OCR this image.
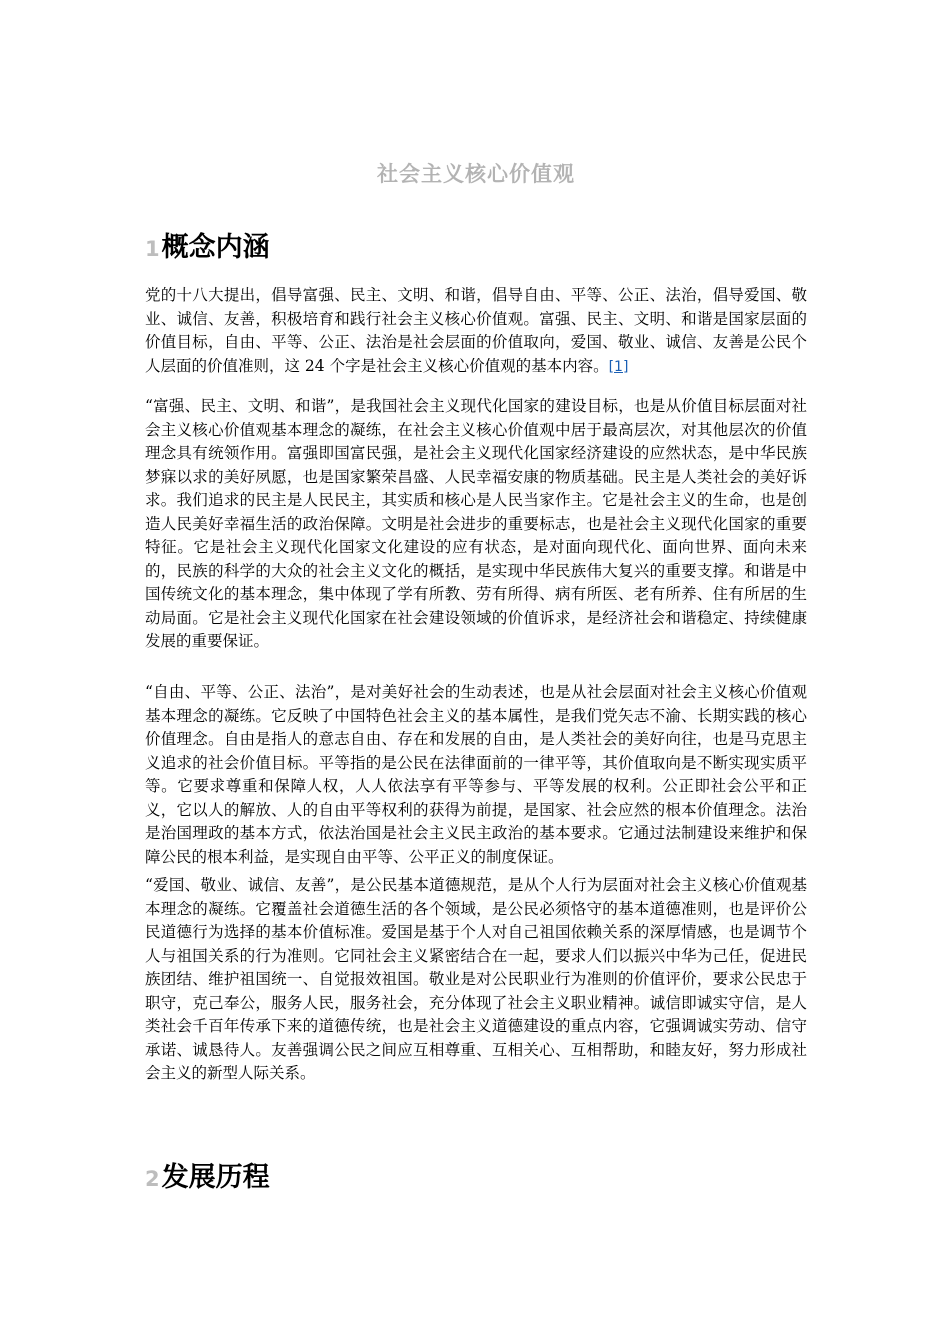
社会主义核心价值观
1概念内涵

党的十八大提出，倡导富强、民主、文明、和谐，倡导自由、平等、公正、法治，倡导爱国、敬业、诚信、友善，积极培育和践行社会主义核心价值观。富强、民主、文明、和谐是国家层面的价值目标，自由、平等、公正、法治是社会层面的价值取向，爱国、敬业、诚信、友善是公民个人层面的价值准则，这 24 个字是社会主义核心价值观的基本内容。[1]

“富强、民主、文明、和谐”，是我国社会主义现代化国家的建设目标，也是从价值目标层面对社会主义核心价值观基本理念的凝练，在社会主义核心价值观中居于最高层次，对其他层次的价值理念具有统领作用。富强即国富民强，是社会主义现代化国家经济建设的应然状态，是中华民族梦寐以求的美好夙愿，也是国家繁荣昌盛、人民幸福安康的物质基础。民主是人类社会的美好诉求。我们追求的民主是人民民主，其实质和核心是人民当家作主。它是社会主义的生命，也是创造人民美好幸福生活的政治保障。文明是社会进步的重要标志，也是社会主义现代化国家的重要特征。它是社会主义现代化国家文化建设的应有状态，是对面向现代化、面向世界、面向未来的，民族的科学的大众的社会主义文化的概括，是实现中华民族伟大复兴的重要支撑。和谐是中国传统文化的基本理念，集中体现了学有所教、劳有所得、病有所医、老有所养、住有所居的生动局面。它是社会主义现代化国家在社会建设领域的价值诉求，是经济社会和谐稳定、持续健康发展的重要保证。

“自由、平等、公正、法治”，是对美好社会的生动表述，也是从社会层面对社会主义核心价值观基本理念的凝练。它反映了中国特色社会主义的基本属性，是我们党矢志不渝、长期实践的核心价值理念。自由是指人的意志自由、存在和发展的自由，是人类社会的美好向往，也是马克思主义追求的社会价值目标。平等指的是公民在法律面前的一律平等，其价值取向是不断实现实质平等。它要求尊重和保障人权，人人依法享有平等参与、平等发展的权利。公正即社会公平和正义，它以人的解放、人的自由平等权利的获得为前提，是国家、社会应然的根本价值理念。法治是治国理政的基本方式，依法治国是社会主义民主政治的基本要求。它通过法制建设来维护和保障公民的根本利益，是实现自由平等、公平正义的制度保证。

“爱国、敬业、诚信、友善”，是公民基本道德规范，是从个人行为层面对社会主义核心价值观基本理念的凝练。它覆盖社会道德生活的各个领域，是公民必须恪守的基本道德准则，也是评价公民道德行为选择的基本价值标准。爱国是基于个人对自己祖国依赖关系的深厚情感，也是调节个人与祖国关系的行为准则。它同社会主义紧密结合在一起，要求人们以振兴中华为己任，促进民族团结、维护祖国统一、自觉报效祖国。敬业是对公民职业行为准则的价值评价，要求公民忠于职守，克己奉公，服务人民，服务社会，充分体现了社会主义职业精神。诚信即诚实守信，是人类社会千百年传承下来的道德传统，也是社会主义道德建设的重点内容，它强调诚实劳动、信守承诺、诚恳待人。友善强调公民之间应互相尊重、互相关心、互相帮助，和睦友好，努力形成社会主义的新型人际关系。

2发展历程
